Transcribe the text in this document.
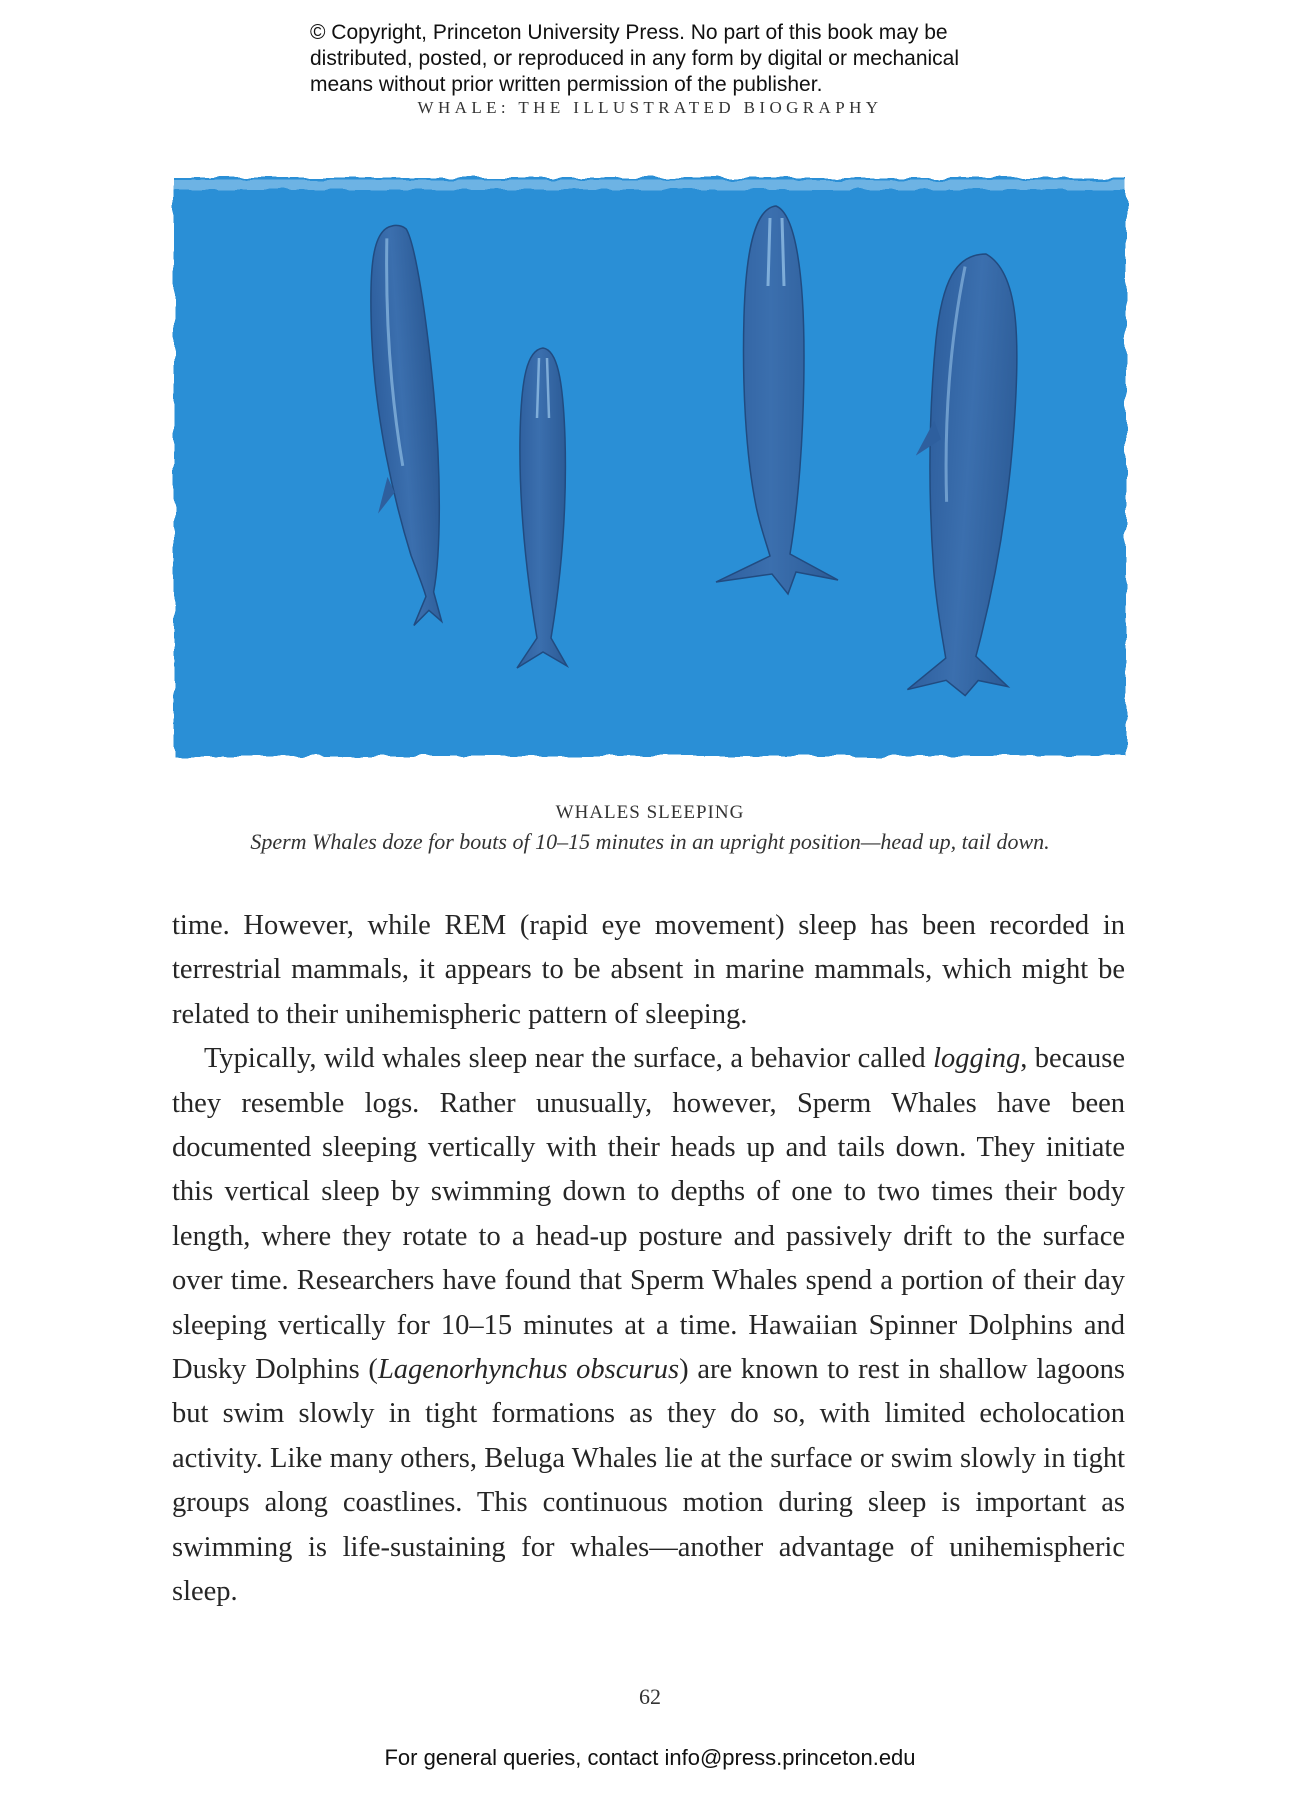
© Copyright, Princeton University Press. No part of this book may be
distributed, posted, or reproduced in any form by digital or mechanical
means without prior written permission of the publisher.
WHALE: THE ILLUSTRATED BIOGRAPHY
WHALES SLEEPING
Sperm Whales doze for bouts of 10–15 minutes in an upright position—head up, tail down.

time. However, while REM (rapid eye movement) sleep has been recorded in terrestrial mammals, it appears to be absent in marine mammals, which might be related to their unihemispheric pattern of sleeping.

Typically, wild whales sleep near the surface, a behavior called logging, because they resemble logs. Rather unusually, however, Sperm Whales have been documented sleeping vertically with their heads up and tails down. They initiate this vertical sleep by swimming down to depths of one to two times their body length, where they rotate to a head-up posture and passively drift to the surface over time. Researchers have found that Sperm Whales spend a portion of their day sleeping vertically for 10–15 minutes at a time. Hawaiian Spinner Dolphins and Dusky Dolphins (Lagenorhynchus obscurus) are known to rest in shallow lagoons but swim slowly in tight formations as they do so, with limited echolocation activity. Like many others, Beluga Whales lie at the surface or swim slowly in tight groups along coastlines. This continuous motion during sleep is important as swimming is life-sustaining for whales—another advantage of unihemispheric sleep.

62
For general queries, contact info@press.princeton.edu
